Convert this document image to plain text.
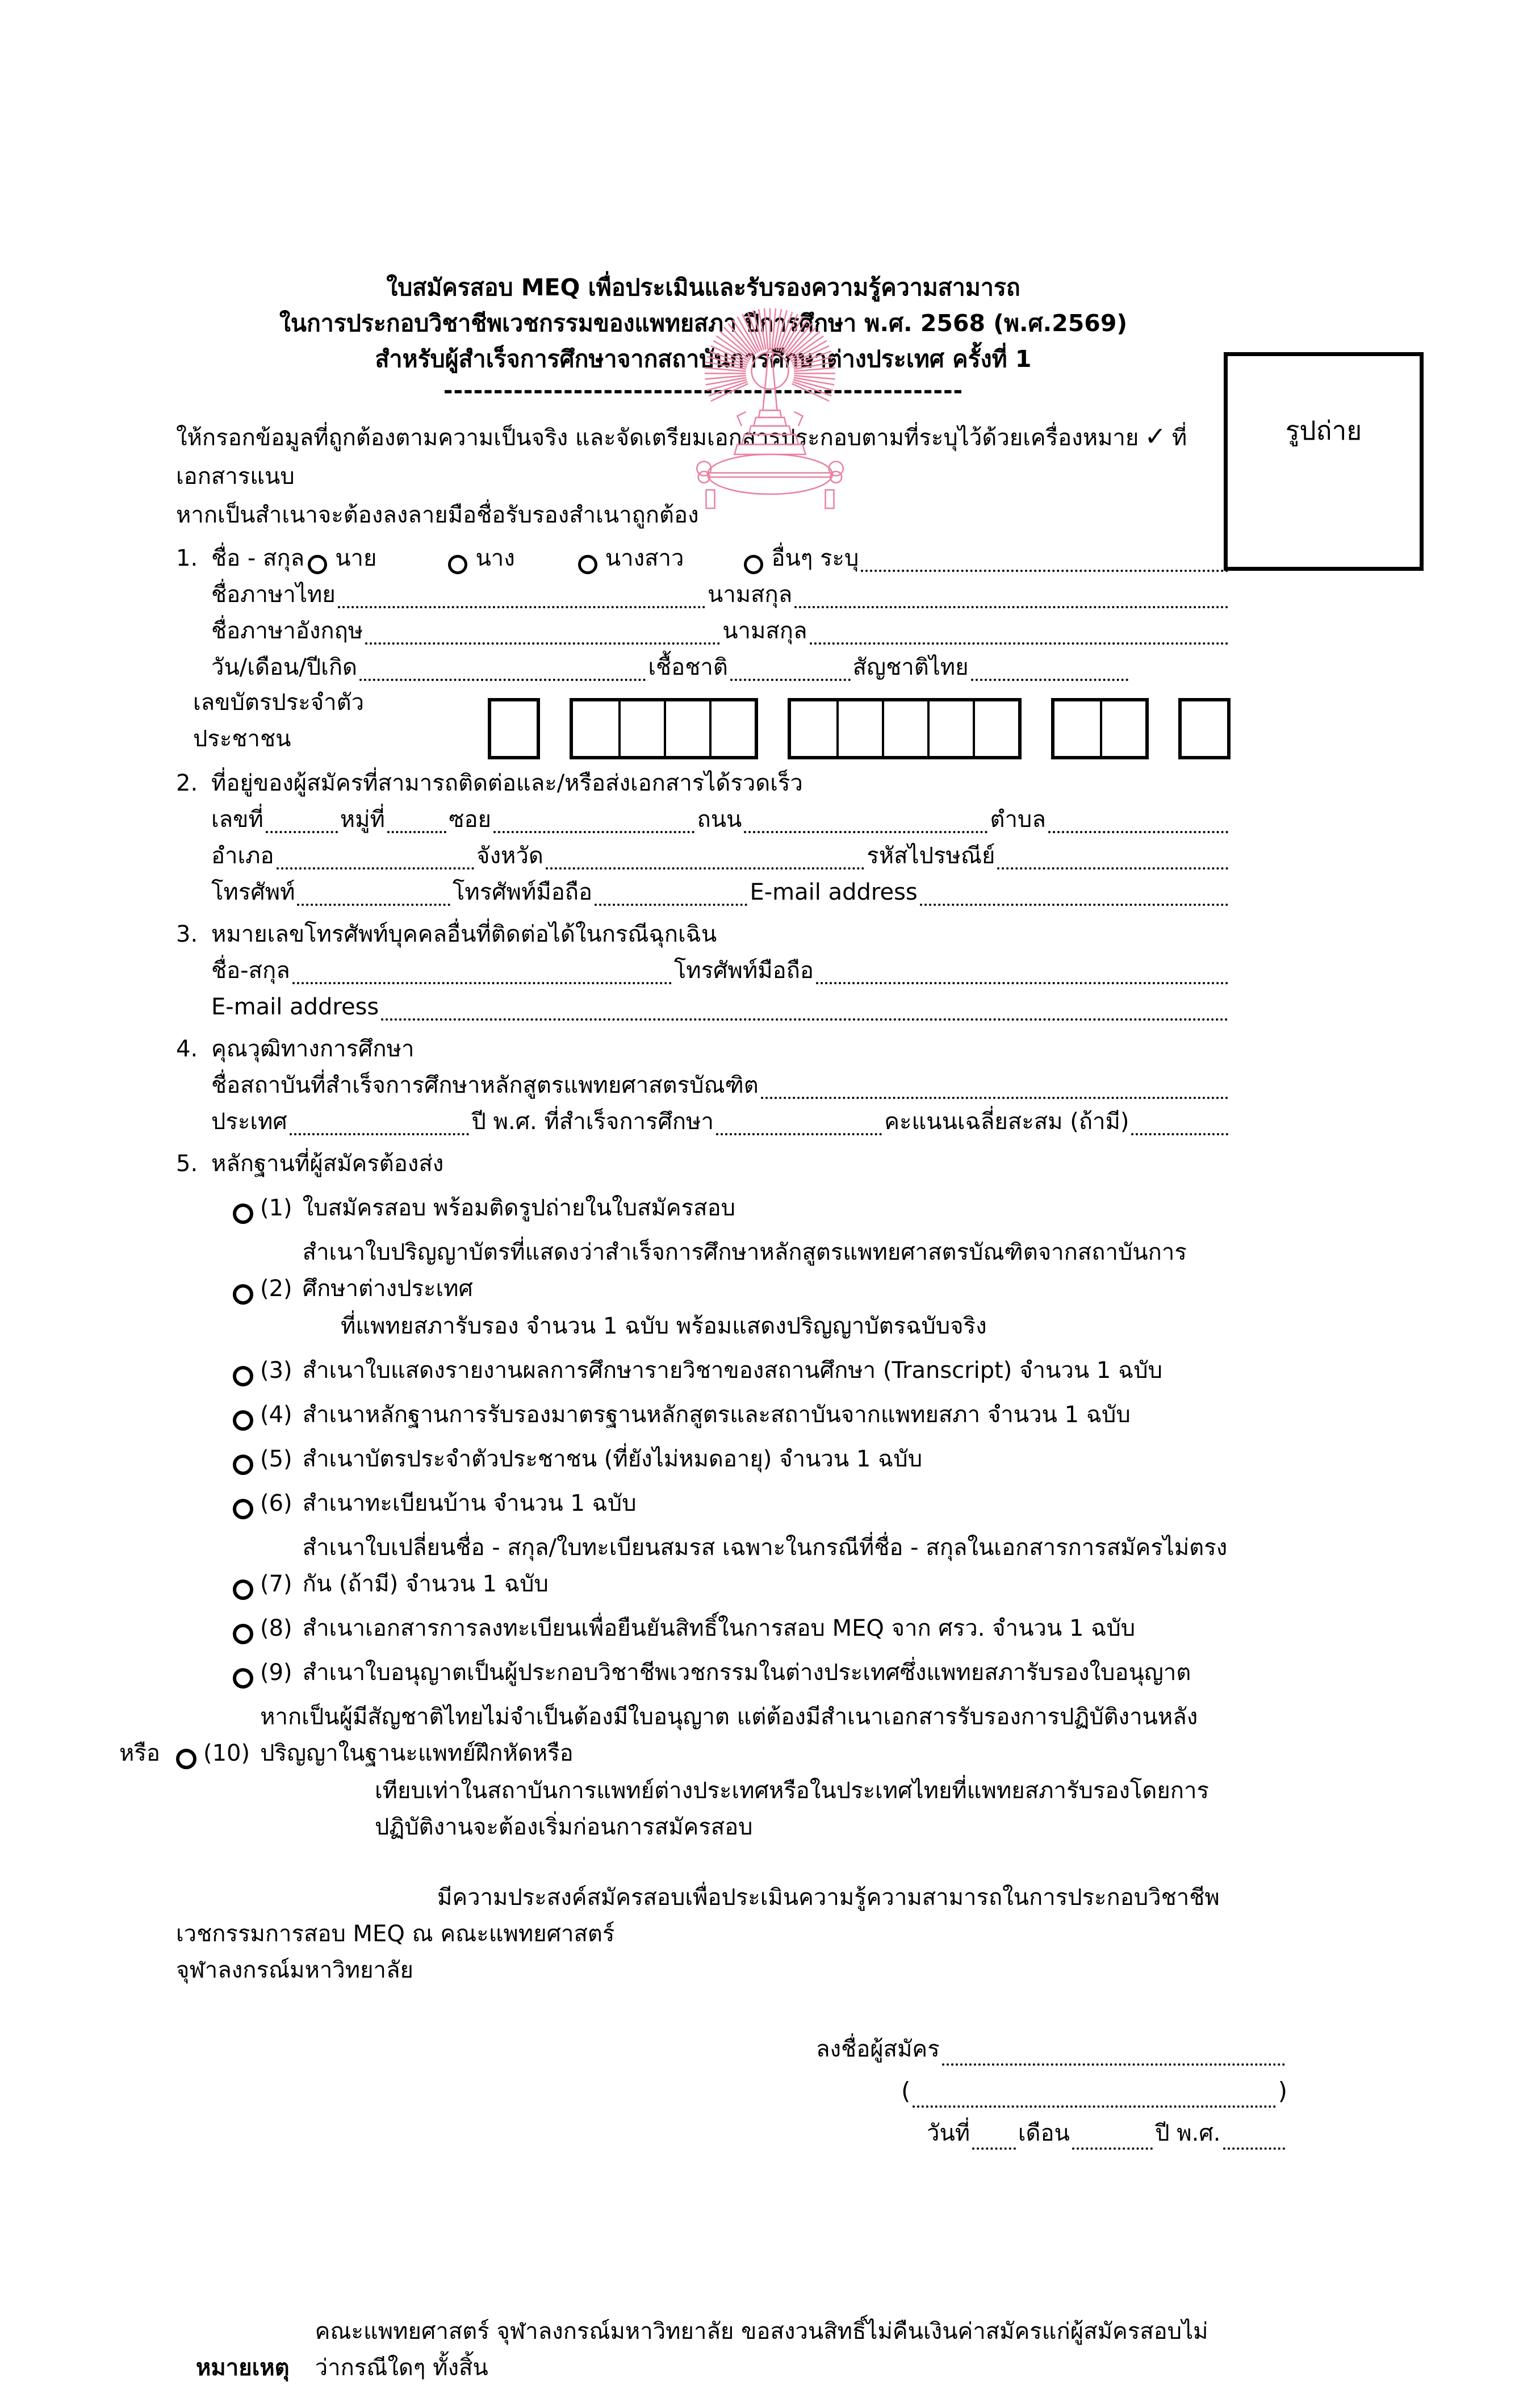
รูปถ่าย
ใบสมัครสอบ MEQ เพื่อประเมินและรับรองความรู้ความสามารถ
ในการประกอบวิชาชีพเวชกรรมของแพทยสภา ปีการศึกษา พ.ศ. 2568 (พ.ศ.2569)
สำหรับผู้สำเร็จการศึกษาจากสถาบันการศึกษาต่างประเทศ ครั้งที่ 1
----------------------------------------------------
ให้กรอกข้อมูลที่ถูกต้องตามความเป็นจริง และจัดเตรียมเอกสารประกอบตามที่ระบุไว้ด้วยเครื่องหมาย ✓ ที่เอกสารแนบ
หากเป็นสำเนาจะต้องลงลายมือชื่อรับรองสำเนาถูกต้อง
1. ชื่อ - สกุล นาย	นาง	นางสาว	อื่นๆ ระบุ
ชื่อภาษาไทย	นามสกุล
ชื่อภาษาอังกฤษ	นามสกุล
วัน/เดือน/ปีเกิด	เชื้อชาติ	สัญชาติไทย
เลขบัตรประจำตัวประชาชน
2. ที่อยู่ของผู้สมัครที่สามารถติดต่อและ/หรือส่งเอกสารได้รวดเร็ว
เลขที่	หมู่ที่	ซอย	ถนน	ตำบล
อำเภอ	จังหวัด	รหัสไปรษณีย์
โทรศัพท์	โทรศัพท์มือถือ	E-mail address
3. หมายเลขโทรศัพท์บุคคลอื่นที่ติดต่อได้ในกรณีฉุกเฉิน
ชื่อ-สกุล	โทรศัพท์มือถือ
E-mail address
4. คุณวุฒิทางการศึกษา
ชื่อสถาบันที่สำเร็จการศึกษาหลักสูตรแพทยศาสตรบัณฑิต
ประเทศ	ปี พ.ศ. ที่สำเร็จการศึกษา	คะแนนเฉลี่ยสะสม (ถ้ามี)
5. หลักฐานที่ผู้สมัครต้องส่ง
(1) ใบสมัครสอบ พร้อมติดรูปถ่ายในใบสมัครสอบ
(2)
สำเนาใบปริญญาบัตรที่แสดงว่าสำเร็จการศึกษาหลักสูตรแพทยศาสตรบัณฑิตจากสถาบันการศึกษาต่างประเทศ
ที่แพทยสภารับรอง จำนวน 1 ฉบับ พร้อมแสดงปริญญาบัตรฉบับจริง
(3) สำเนาใบแสดงรายงานผลการศึกษารายวิชาของสถานศึกษา (Transcript) จำนวน 1 ฉบับ
(4) สำเนาหลักฐานการรับรองมาตรฐานหลักสูตรและสถาบันจากแพทยสภา จำนวน 1 ฉบับ
(5) สำเนาบัตรประจำตัวประชาชน (ที่ยังไม่หมดอายุ) จำนวน 1 ฉบับ
(6) สำเนาทะเบียนบ้าน จำนวน 1 ฉบับ
(7)
สำเนาใบเปลี่ยนชื่อ - สกุล/ใบทะเบียนสมรส เฉพาะในกรณีที่ชื่อ - สกุลในเอกสารการสมัครไม่ตรงกัน (ถ้ามี) จำนวน 1 ฉบับ
(8) สำเนาเอกสารการลงทะเบียนเพื่อยืนยันสิทธิ์ในการสอบ MEQ จาก ศรว. จำนวน 1 ฉบับ
(9) สำเนาใบอนุญาตเป็นผู้ประกอบวิชาชีพเวชกรรมในต่างประเทศซึ่งแพทยสภารับรองใบอนุญาต
หรือ	(10)
หากเป็นผู้มีสัญชาติไทยไม่จำเป็นต้องมีใบอนุญาต แต่ต้องมีสำเนาเอกสารรับรองการปฏิบัติงานหลังปริญญาในฐานะแพทย์ฝึกหัดหรือ
เทียบเท่าในสถาบันการแพทย์ต่างประเทศหรือในประเทศไทยที่แพทยสภารับรองโดยการปฏิบัติงานจะต้องเริ่มก่อนการสมัครสอบ
มีความประสงค์สมัครสอบเพื่อประเมินความรู้ความสามารถในการประกอบวิชาชีพเวชกรรมการสอบ MEQ ณ คณะแพทยศาสตร์
จุฬาลงกรณ์มหาวิทยาลัย
ลงชื่อผู้สมัคร
(	)
วันที่ เดือน	ปี พ.ศ.
หมายเหตุ
คณะแพทยศาสตร์ จุฬาลงกรณ์มหาวิทยาลัย ขอสงวนสิทธิ์ไม่คืนเงินค่าสมัครแก่ผู้สมัครสอบไม่ว่ากรณีใดๆ ทั้งสิ้น
